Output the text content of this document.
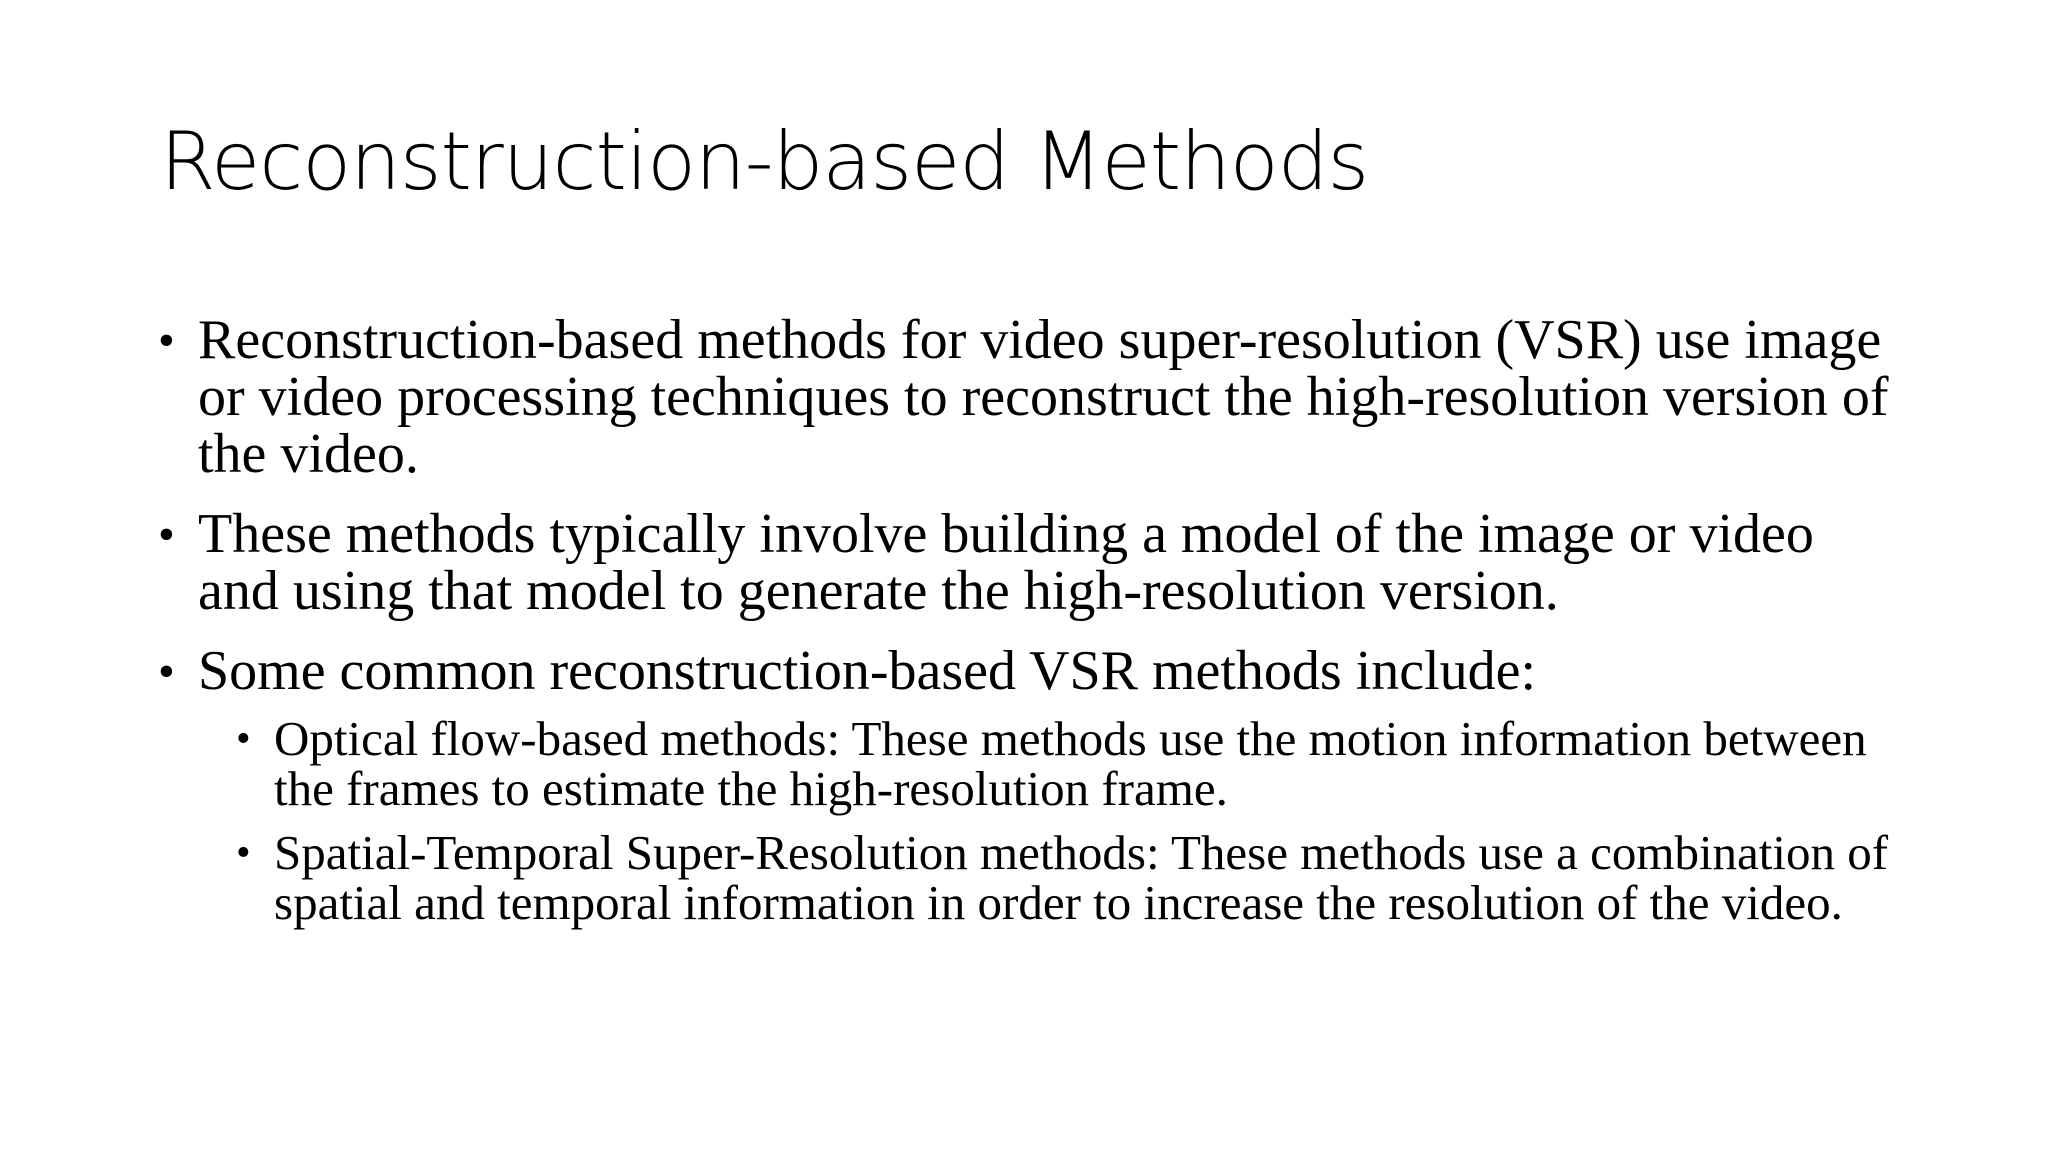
Reconstruction-based Methods
• Reconstruction-based methods for video super-resolution (VSR) use image or video processing techniques to reconstruct the high-resolution version of the video.
• These methods typically involve building a model of the image or video and using that model to generate the high-resolution version.
• Some common reconstruction-based VSR methods include:
• Optical flow-based methods: These methods use the motion information between the frames to estimate the high-resolution frame.
• Spatial-Temporal Super-Resolution methods: These methods use a combination of spatial and temporal information in order to increase the resolution of the video.
